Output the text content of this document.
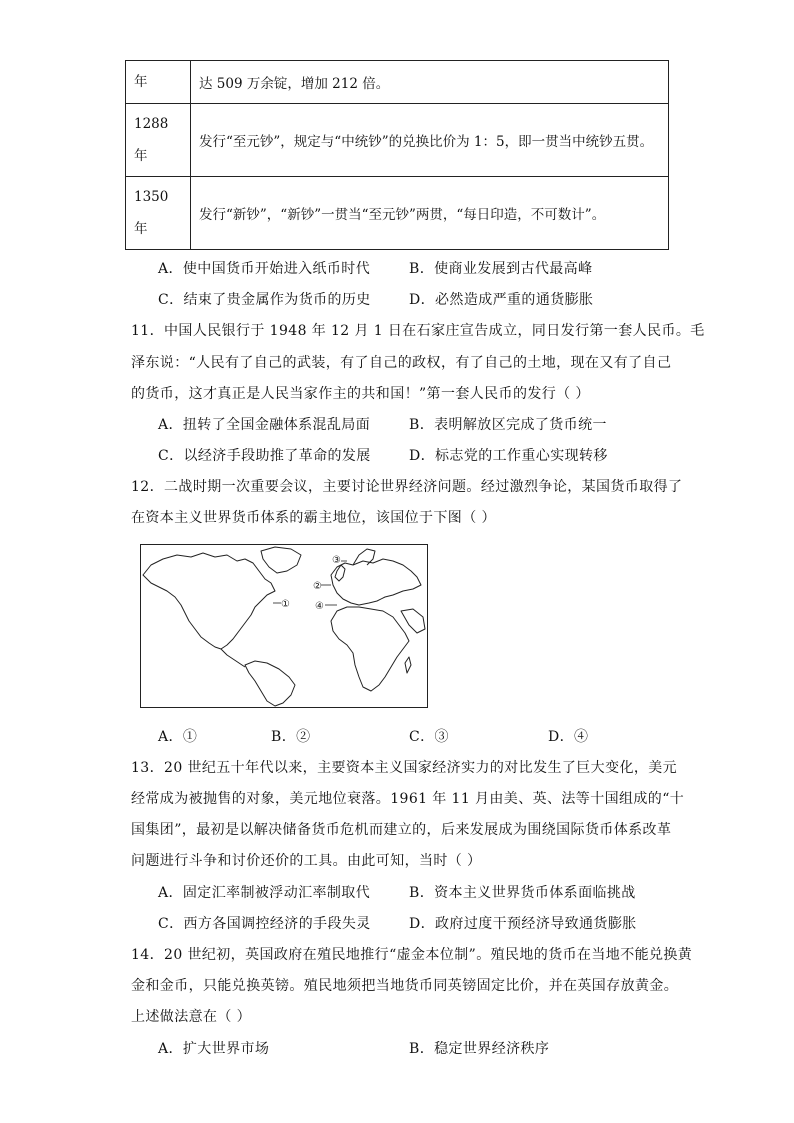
年	达 509 万余锭，增加 212 倍。

1288
年	发行“至元钞”，规定与“中统钞”的兑换比价为 1：5，即一贯当中统钞五贯。

1350
年	发行“新钞”，“新钞”一贯当“至元钞”两贯，“每日印造，不可数计”。
A．使中国货币开始进入纸币时代	B．使商业发展到古代最高峰
C．结束了贵金属作为货币的历史	D．必然造成严重的通货膨胀
11．中国人民银行于 1948 年 12 月 1 日在石家庄宣告成立，同日发行第一套人民币。毛
泽东说：“人民有了自己的武装，有了自己的政权，有了自己的土地，现在又有了自己
的货币，这才真正是人民当家作主的共和国！”第一套人民币的发行（ ）
A．扭转了全国金融体系混乱局面	B．表明解放区完成了货币统一
C．以经济手段助推了革命的发展	D．标志党的工作重心实现转移
12．二战时期一次重要会议，主要讨论世界经济问题。经过激烈争论，某国货币取得了
在资本主义世界货币体系的霸主地位，该国位于下图（ ）
①
②
③
④
A．①	B．②	C．③	D．④
13．20 世纪五十年代以来，主要资本主义国家经济实力的对比发生了巨大变化，美元
经常成为被抛售的对象，美元地位衰落。1961 年 11 月由美、英、法等十国组成的“十
国集团”，最初是以解决储备货币危机而建立的，后来发展成为围绕国际货币体系改革
问题进行斗争和讨价还价的工具。由此可知，当时（ ）
A．固定汇率制被浮动汇率制取代	B．资本主义世界货币体系面临挑战
C．西方各国调控经济的手段失灵	D．政府过度干预经济导致通货膨胀
14．20 世纪初，英国政府在殖民地推行“虚金本位制”。殖民地的货币在当地不能兑换黄
金和金币，只能兑换英镑。殖民地须把当地货币同英镑固定比价，并在英国存放黄金。
上述做法意在（ ）
A．扩大世界市场	B．稳定世界经济秩序
